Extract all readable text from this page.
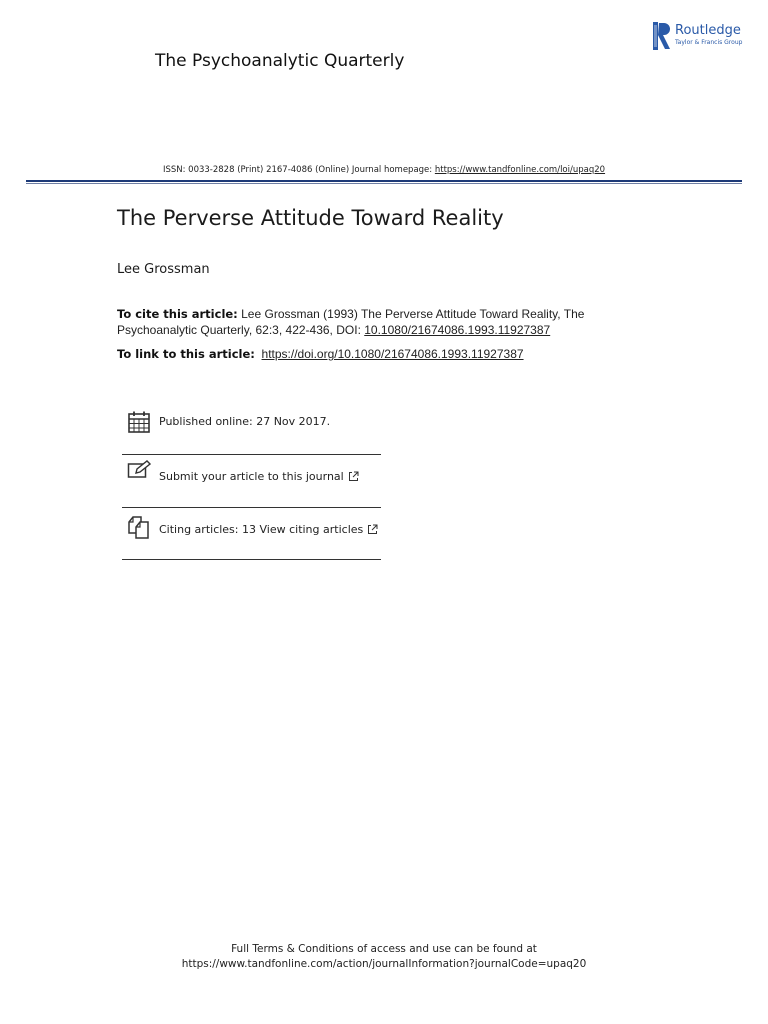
The Psychoanalytic Quarterly
Routledge
Taylor & Francis Group
ISSN: 0033-2828 (Print) 2167-4086 (Online) Journal homepage: https://www.tandfonline.com/loi/upaq20
The Perverse Attitude Toward Reality
Lee Grossman
To cite this article: Lee Grossman (1993) The Perverse Attitude Toward Reality, The Psychoanalytic Quarterly, 62:3, 422-436, DOI: 10.1080/21674086.1993.11927387
To link to this article: https://doi.org/10.1080/21674086.1993.11927387
Published online: 27 Nov 2017.
Submit your article to this journal
Citing articles: 13 View citing articles
Full Terms & Conditions of access and use can be found at
https://www.tandfonline.com/action/journalInformation?journalCode=upaq20
